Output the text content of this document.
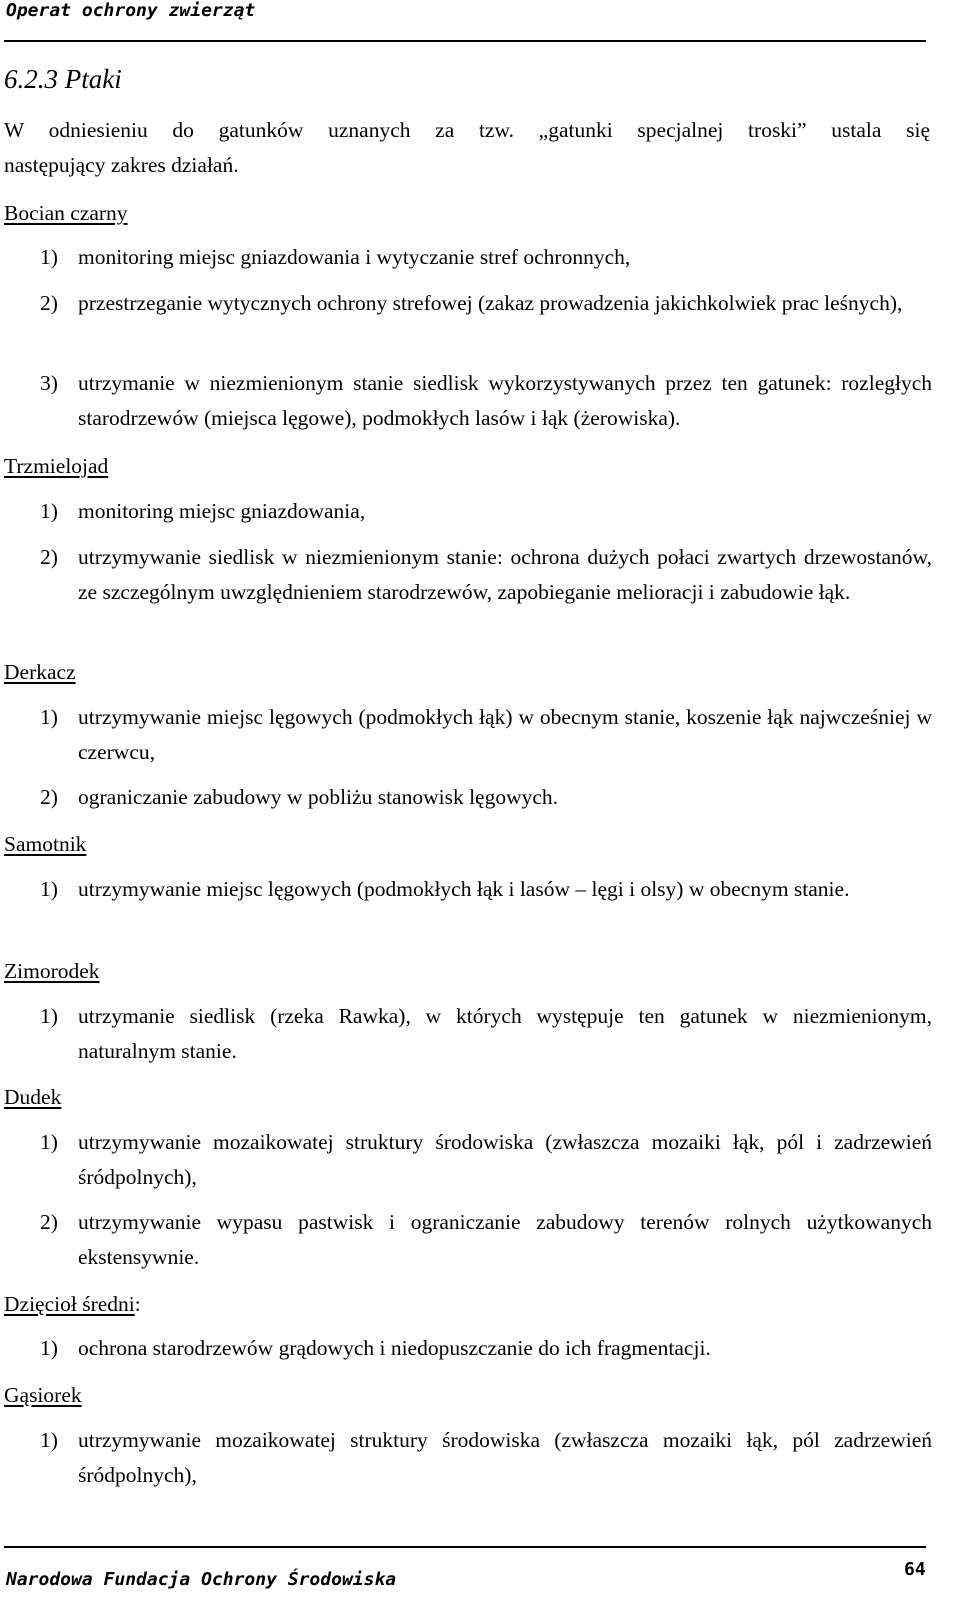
Operat ochrony zwierząt
6.2.3 Ptaki
W odniesieniu do gatunków uznanych za tzw. „gatunki specjalnej troski” ustala się
następujący zakres działań.
Bocian czarny
1) monitoring miejsc gniazdowania i wytyczanie stref ochronnych,
2) przestrzeganie wytycznych ochrony strefowej (zakaz prowadzenia jakichkolwiek prac leśnych),
3) utrzymanie w niezmienionym stanie siedlisk wykorzystywanych przez ten gatunek: rozległych starodrzewów (miejsca lęgowe), podmokłych lasów i łąk (żerowiska).
Trzmielojad
1) monitoring miejsc gniazdowania,
2) utrzymywanie siedlisk w niezmienionym stanie: ochrona dużych połaci zwartych drzewostanów, ze szczególnym uwzględnieniem starodrzewów, zapobieganie melioracji i zabudowie łąk.
Derkacz
1) utrzymywanie miejsc lęgowych (podmokłych łąk) w obecnym stanie, koszenie łąk najwcześniej w czerwcu,
2) ograniczanie zabudowy w pobliżu stanowisk lęgowych.
Samotnik
1) utrzymywanie miejsc lęgowych (podmokłych łąk i lasów – lęgi i olsy) w obecnym stanie.
Zimorodek
1) utrzymanie siedlisk (rzeka Rawka), w których występuje ten gatunek w niezmienionym, naturalnym stanie.
Dudek
1) utrzymywanie mozaikowatej struktury środowiska (zwłaszcza mozaiki łąk, pól i zadrzewień śródpolnych),
2) utrzymywanie wypasu pastwisk i ograniczanie zabudowy terenów rolnych użytkowanych ekstensywnie.
Dzięcioł średni:
1) ochrona starodrzewów grądowych i niedopuszczanie do ich fragmentacji.
Gąsiorek
1) utrzymywanie mozaikowatej struktury środowiska (zwłaszcza mozaiki łąk, pól zadrzewień śródpolnych),
Narodowa Fundacja Ochrony Środowiska	64
